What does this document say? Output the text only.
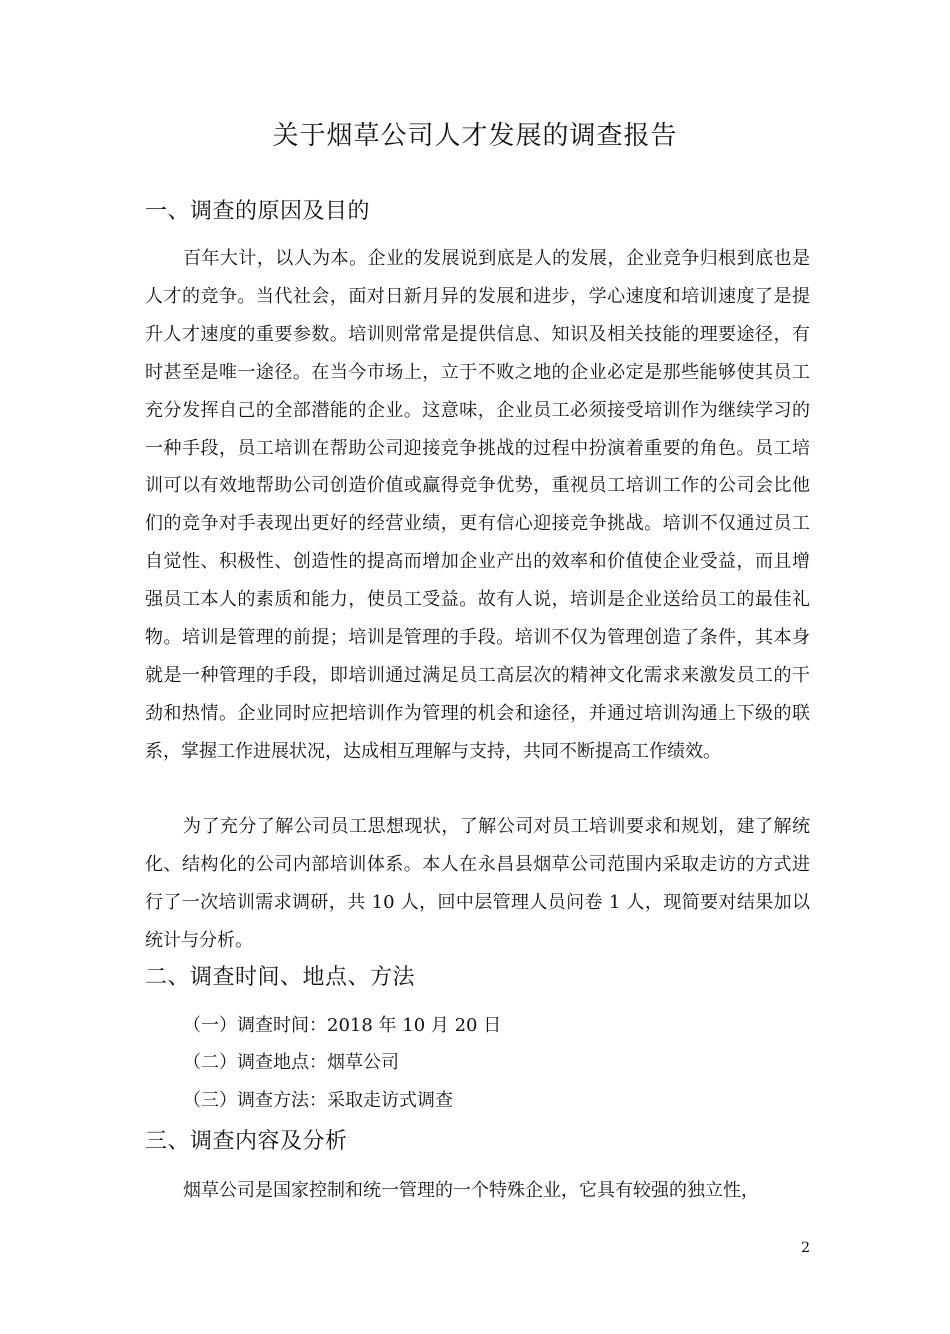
关于烟草公司人才发展的调查报告
一、调查的原因及目的

百年大计，以人为本。企业的发展说到底是人的发展，企业竞争归根到底也是人才的竞争。当代社会，面对日新月异的发展和进步，学心速度和培训速度了是提升人才速度的重要参数。培训则常常是提供信息、知识及相关技能的理要途径，有时甚至是唯一途径。在当今市场上，立于不败之地的企业必定是那些能够使其员工充分发挥自己的全部潜能的企业。这意味，企业员工必须接受培训作为继续学习的一种手段，员工培训在帮助公司迎接竞争挑战的过程中扮演着重要的角色。员工培训可以有效地帮助公司创造价值或赢得竞争优势，重视员工培训工作的公司会比他们的竞争对手表现出更好的经营业绩，更有信心迎接竞争挑战。培训不仅通过员工自觉性、积极性、创造性的提高而增加企业产出的效率和价值使企业受益，而且增强员工本人的素质和能力，使员工受益。故有人说，培训是企业送给员工的最佳礼物。培训是管理的前提；培训是管理的手段。培训不仅为管理创造了条件，其本身就是一种管理的手段，即培训通过满足员工高层次的精神文化需求来激发员工的干劲和热情。企业同时应把培训作为管理的机会和途径，并通过培训沟通上下级的联系，掌握工作进展状况，达成相互理解与支持，共同不断提高工作绩效。

为了充分了解公司员工思想现状，了解公司对员工培训要求和规划，建了解统化、结构化的公司内部培训体系。本人在永昌县烟草公司范围内采取走访的方式进行了一次培训需求调研，共 10 人，回中层管理人员问卷 1 人，现简要对结果加以统计与分析。

二、调查时间、地点、方法
（一）调查时间：2018 年 10 月 20 日
（二）调查地点：烟草公司
（三）调查方法：采取走访式调查
三、调查内容及分析

烟草公司是国家控制和统一管理的一个特殊企业，它具有较强的独立性，

2
